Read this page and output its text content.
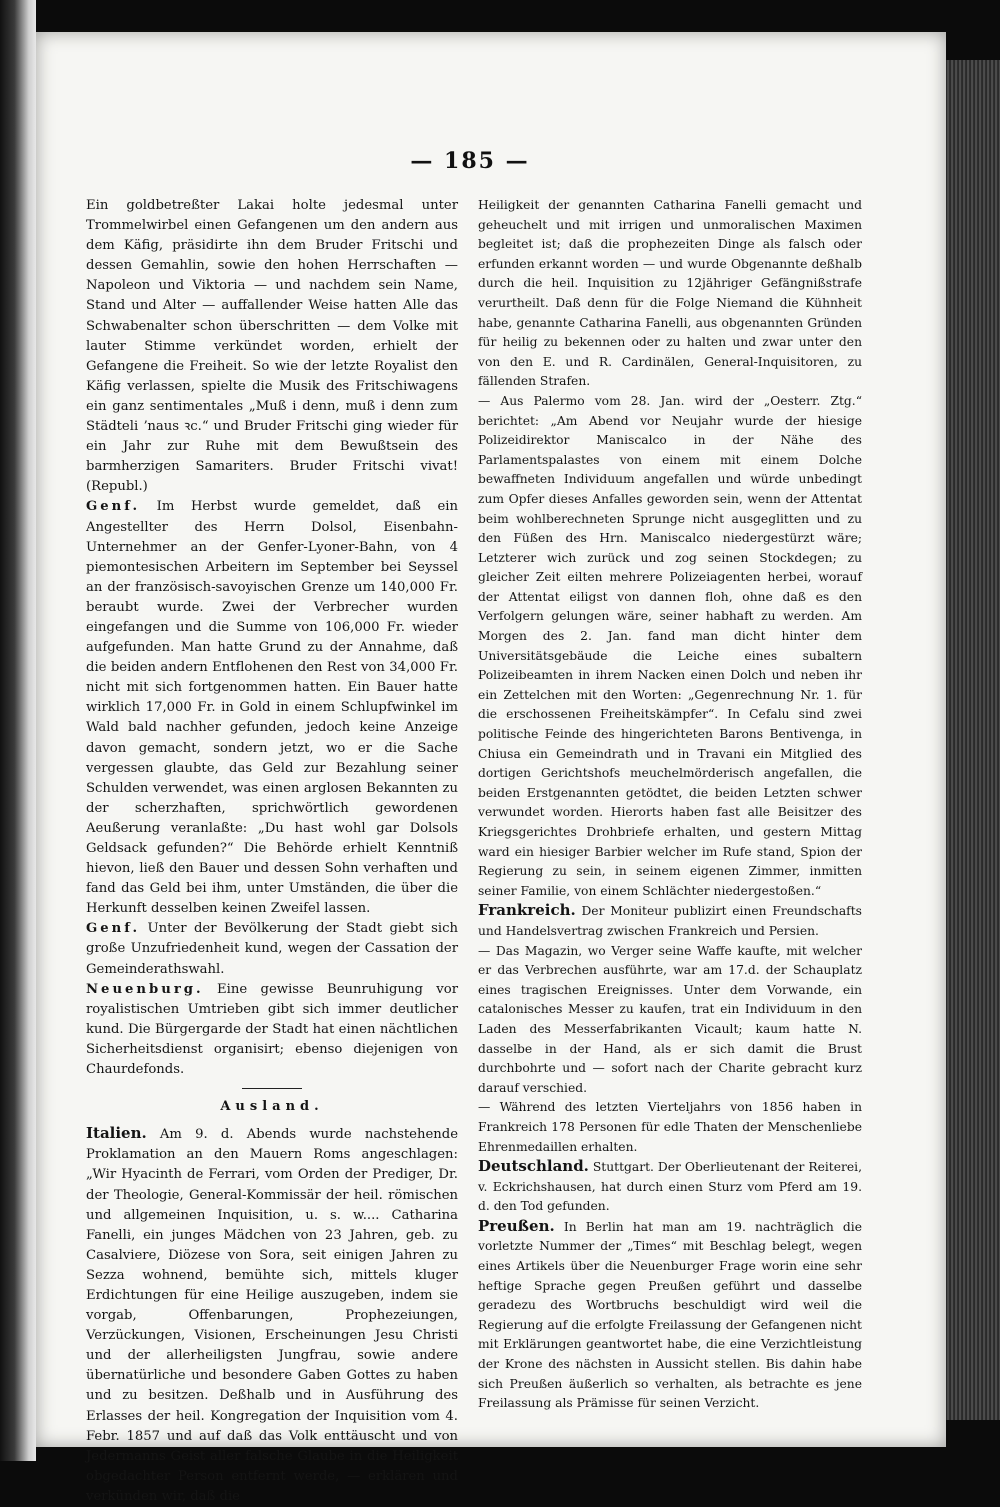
— 185 —

Ein goldbetreßter Lakai holte jedesmal unter Trommelwirbel einen Gefangenen um den andern aus dem Käfig, präsidirte ihn dem Bruder Fritschi und dessen Gemahlin, sowie den hohen Herrschaften — Napoleon und Viktoria — und nachdem sein Name, Stand und Alter — auffallender Weise hatten Alle das Schwabenalter schon überschritten — dem Volke mit lauter Stimme verkündet worden, erhielt der Gefangene die Freiheit. So wie der letzte Royalist den Käfig verlassen, spielte die Musik des Fritschiwagens ein ganz sentimentales „Muß i denn, muß i denn zum Städteli ʼnaus ꝛc.“ und Bruder Fritschi ging wieder für ein Jahr zur Ruhe mit dem Bewußtsein des barmherzigen Samariters. Bruder Fritschi vivat! (Republ.)

Genf. Im Herbst wurde gemeldet, daß ein Angestellter des Herrn Dolsol, Eisenbahn-Unternehmer an der Genfer-Lyoner-Bahn, von 4 piemontesischen Arbeitern im September bei Seyssel an der französisch-savoyischen Grenze um 140,000 Fr. beraubt wurde. Zwei der Verbrecher wurden eingefangen und die Summe von 106,000 Fr. wieder aufgefunden. Man hatte Grund zu der Annahme, daß die beiden andern Entflohenen den Rest von 34,000 Fr. nicht mit sich fortgenommen hatten. Ein Bauer hatte wirklich 17,000 Fr. in Gold in einem Schlupfwinkel im Wald bald nachher gefunden, jedoch keine Anzeige davon gemacht, sondern jetzt, wo er die Sache vergessen glaubte, das Geld zur Bezahlung seiner Schulden verwendet, was einen arglosen Bekannten zu der scherzhaften, sprichwörtlich gewordenen Aeußerung veranlaßte: „Du hast wohl gar Dolsols Geldsack gefunden?“ Die Behörde erhielt Kenntniß hievon, ließ den Bauer und dessen Sohn verhaften und fand das Geld bei ihm, unter Umständen, die über die Herkunft desselben keinen Zweifel lassen.

Genf. Unter der Bevölkerung der Stadt giebt sich große Unzufriedenheit kund, wegen der Cassation der Gemeinderathswahl.

Neuenburg. Eine gewisse Beunruhigung vor royalistischen Umtrieben gibt sich immer deutlicher kund. Die Bürgergarde der Stadt hat einen nächtlichen Sicherheitsdienst organisirt; ebenso diejenigen von Chaurdefonds.

Ausland.

Italien. Am 9. d. Abends wurde nachstehende Proklamation an den Mauern Roms angeschlagen: „Wir Hyacinth de Ferrari, vom Orden der Prediger, Dr. der Theologie, General-Kommissär der heil. römischen und allgemeinen Inquisition, u. s. w.... Catharina Fanelli, ein junges Mädchen von 23 Jahren, geb. zu Casalviere, Diözese von Sora, seit einigen Jahren zu Sezza wohnend, bemühte sich, mittels kluger Erdichtungen für eine Heilige auszugeben, indem sie vorgab, Offenbarungen, Prophezeiungen, Verzückungen, Visionen, Erscheinungen Jesu Christi und der allerheiligsten Jungfrau, sowie andere übernatürliche und besondere Gaben Gottes zu haben und zu besitzen. Deßhalb und in Ausführung des Erlasses der heil. Kongregation der Inquisition vom 4. Febr. 1857 und auf daß das Volk enttäuscht und von Jedermanns Geist aller falsche Glaube in die Heiligkeit obgedachter Person entfernt werde, — erklären und verkünden wir, daß die

Heiligkeit der genannten Catharina Fanelli gemacht und geheuchelt und mit irrigen und unmoralischen Maximen begleitet ist; daß die prophezeiten Dinge als falsch oder erfunden erkannt worden — und wurde Obgenannte deßhalb durch die heil. Inquisition zu 12jähriger Gefängnißstrafe verurtheilt. Daß denn für die Folge Niemand die Kühnheit habe, genannte Catharina Fanelli, aus obgenannten Gründen für heilig zu bekennen oder zu halten und zwar unter den von den E. und R. Cardinälen, General-Inquisitoren, zu fällenden Strafen.

— Aus Palermo vom 28. Jan. wird der „Oesterr. Ztg.“ berichtet: „Am Abend vor Neujahr wurde der hiesige Polizeidirektor Maniscalco in der Nähe des Parlamentspalastes von einem mit einem Dolche bewaffneten Individuum angefallen und würde unbedingt zum Opfer dieses Anfalles geworden sein, wenn der Attentat beim wohlberechneten Sprunge nicht ausgeglitten und zu den Füßen des Hrn. Maniscalco niedergestürzt wäre; Letzterer wich zurück und zog seinen Stockdegen; zu gleicher Zeit eilten mehrere Polizeiagenten herbei, worauf der Attentat eiligst von dannen floh, ohne daß es den Verfolgern gelungen wäre, seiner habhaft zu werden. Am Morgen des 2. Jan. fand man dicht hinter dem Universitätsgebäude die Leiche eines subaltern Polizeibeamten in ihrem Nacken einen Dolch und neben ihr ein Zettelchen mit den Worten: „Gegenrechnung Nr. 1. für die erschossenen Freiheitskämpfer“. In Cefalu sind zwei politische Feinde des hingerichteten Barons Bentivenga, in Chiusa ein Gemeindrath und in Travani ein Mitglied des dortigen Gerichtshofs meuchelmörderisch angefallen, die beiden Erstgenannten getödtet, die beiden Letzten schwer verwundet worden. Hierorts haben fast alle Beisitzer des Kriegsgerichtes Drohbriefe erhalten, und gestern Mittag ward ein hiesiger Barbier welcher im Rufe stand, Spion der Regierung zu sein, in seinem eigenen Zimmer, inmitten seiner Familie, von einem Schlächter niedergestoßen.“

Frankreich. Der Moniteur publizirt einen Freundschafts und Handelsvertrag zwischen Frankreich und Persien.

— Das Magazin, wo Verger seine Waffe kaufte, mit welcher er das Verbrechen ausführte, war am 17.d. der Schauplatz eines tragischen Ereignisses. Unter dem Vorwande, ein catalonisches Messer zu kaufen, trat ein Individuum in den Laden des Messerfabrikanten Vicault; kaum hatte N. dasselbe in der Hand, als er sich damit die Brust durchbohrte und — sofort nach der Charite gebracht kurz darauf verschied.

— Während des letzten Vierteljahrs von 1856 haben in Frankreich 178 Personen für edle Thaten der Menschenliebe Ehrenmedaillen erhalten.

Deutschland. Stuttgart. Der Oberlieutenant der Reiterei, v. Eckrichshausen, hat durch einen Sturz vom Pferd am 19. d. den Tod gefunden.

Preußen. In Berlin hat man am 19. nachträglich die vorletzte Nummer der „Times“ mit Beschlag belegt, wegen eines Artikels über die Neuenburger Frage worin eine sehr heftige Sprache gegen Preußen geführt und dasselbe geradezu des Wortbruchs beschuldigt wird weil die Regierung auf die erfolgte Freilassung der Gefangenen nicht mit Erklärungen geantwortet habe, die eine Verzichtleistung der Krone des nächsten in Aussicht stellen. Bis dahin habe sich Preußen äußerlich so verhalten, als betrachte es jene Freilassung als Prämisse für seinen Verzicht.
